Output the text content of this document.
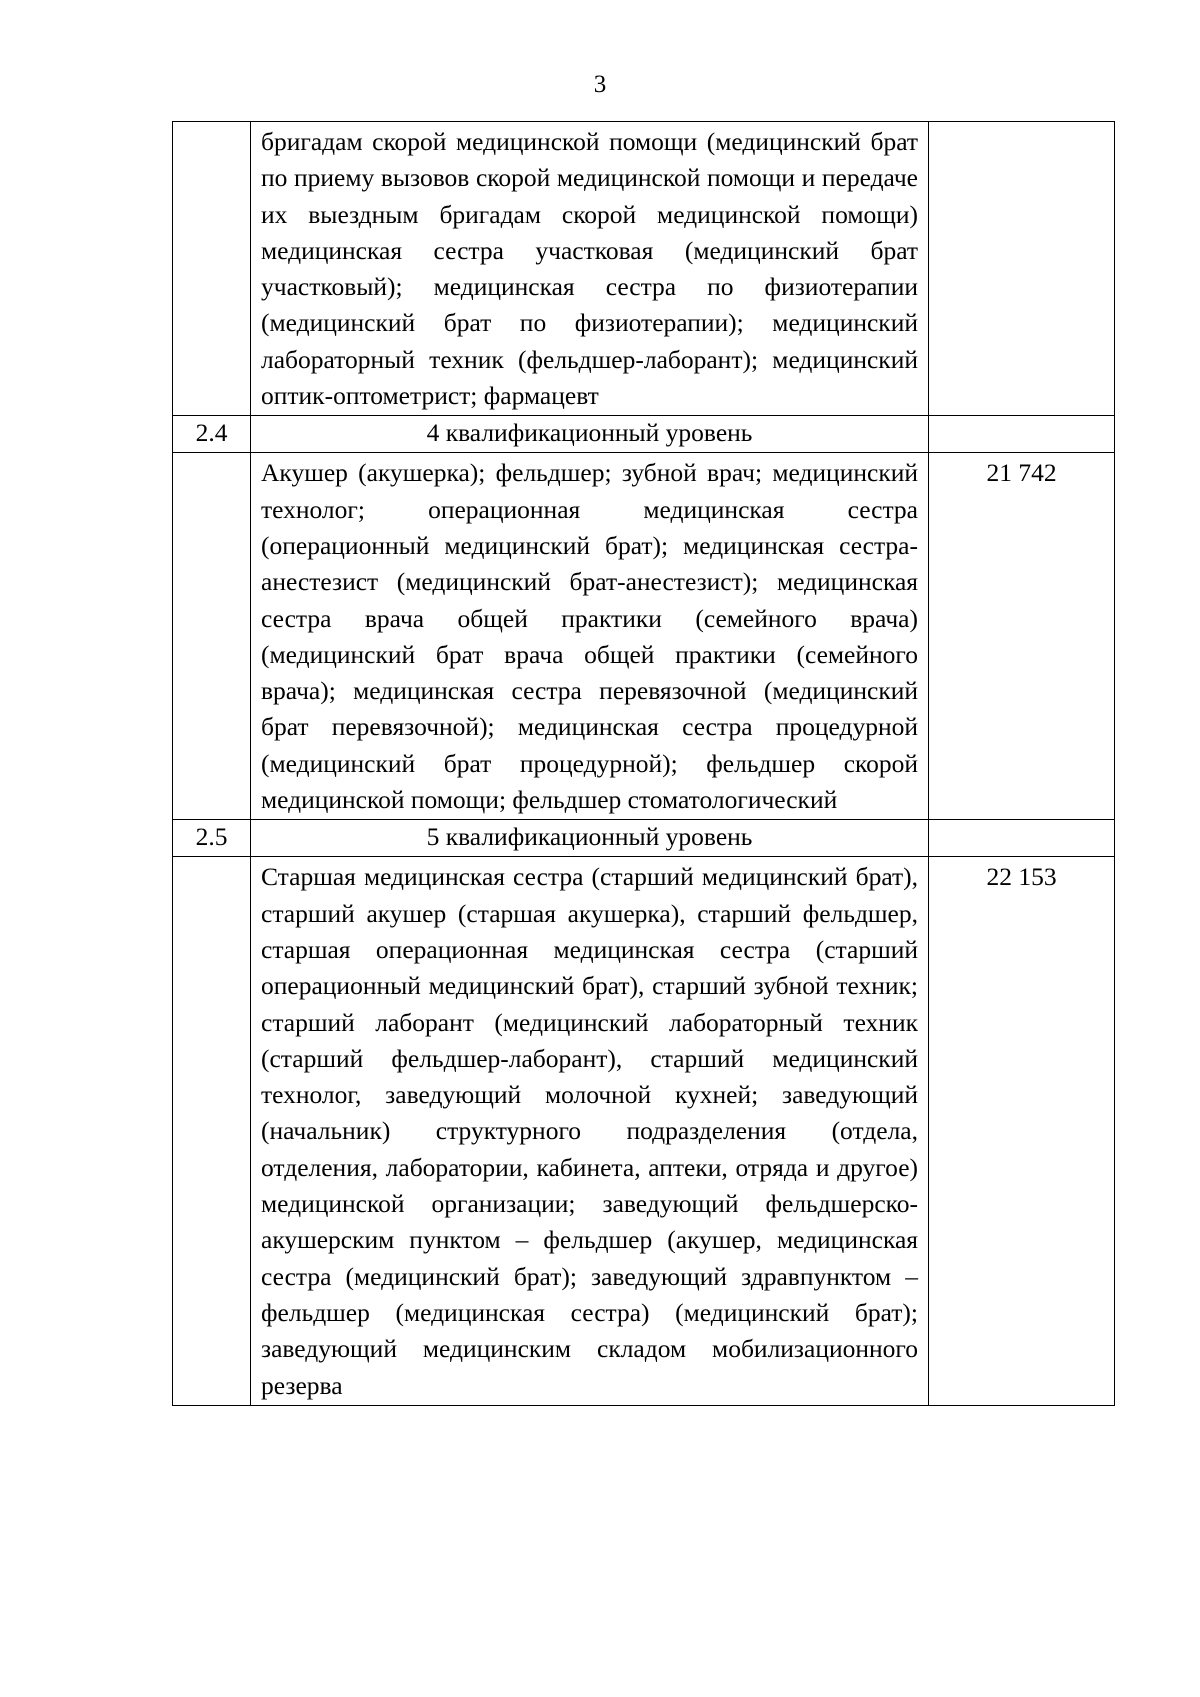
3

	бригадам скорой медицинской помощи (медицинский брат по приему вызовов скорой медицинской помощи и передаче их выездным бригадам скорой медицинской помощи) медицинская сестра участковая (медицинский брат участковый); медицинская сестра по физиотерапии (медицинский брат по физиотерапии); медицинский лабораторный техник (фельдшер-лаборант); медицинский оптик-оптометрист; фармацевт	

2.4	4 квалификационный уровень	

	Акушер (акушерка); фельдшер; зубной врач; медицинский технолог; операционная медицинская сестра (операционный медицинский брат); медицинская сестра-анестезист (медицинский брат-анестезист); медицинская сестра врача общей практики (семейного врача) (медицинский брат врача общей практики (семейного врача); медицинская сестра перевязочной (медицинский брат перевязочной); медицинская сестра процедурной (медицинский брат процедурной); фельдшер скорой медицинской помощи; фельдшер стоматологический	21 742

2.5	5 квалификационный уровень	

	Старшая медицинская сестра (старший медицинский брат), старший акушер (старшая акушерка), старший фельдшер, старшая операционная медицинская сестра (старший операционный медицинский брат), старший зубной техник; старший лаборант (медицинский лабораторный техник (старший фельдшер-лаборант), старший медицинский технолог, заведующий молочной кухней; заведующий (начальник) структурного подразделения (отдела, отделения, лаборатории, кабинета, аптеки, отряда и другое) медицинской организации; заведующий фельдшерско-акушерским пунктом – фельдшер (акушер, медицинская сестра (медицинский брат); заведующий здравпунктом – фельдшер (медицинская сестра) (медицинский брат); заведующий медицинским складом мобилизационного резерва	22 153
